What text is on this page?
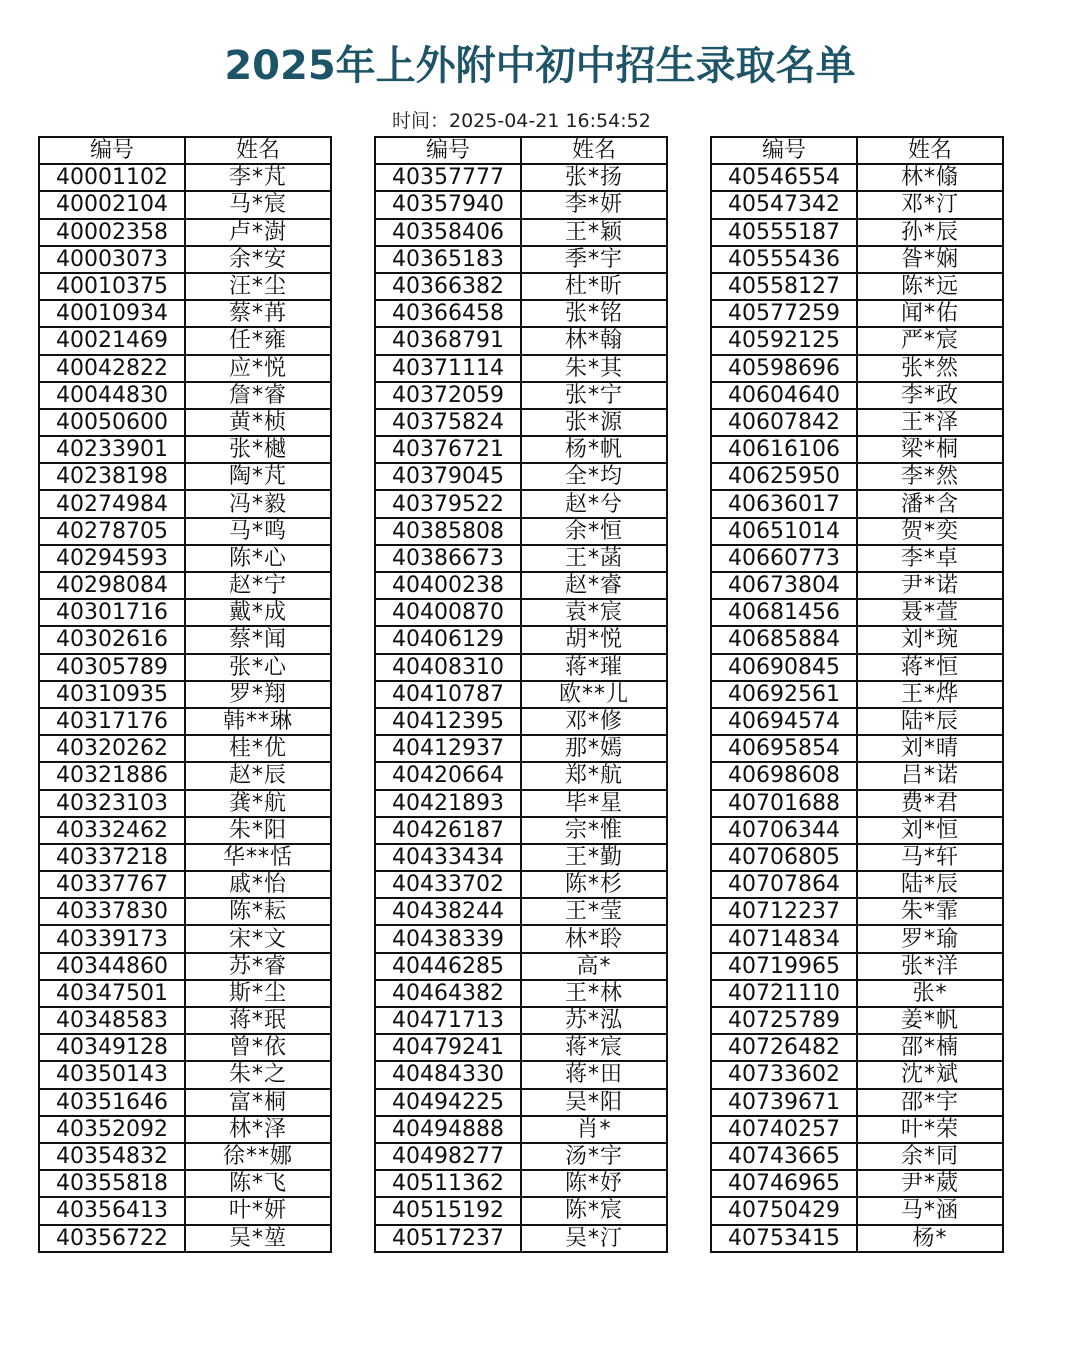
2025年上外附中初中招生录取名单
时间：2025-04-21 16:54:52
编号	姓名
40001102	李*芃
40002104	马*宸
40002358	卢*澍
40003073	余*安
40010375	汪*尘
40010934	蔡*苒
40021469	任*雍
40042822	应*悦
40044830	詹*睿
40050600	黄*桢
40233901	张*樾
40238198	陶*芃
40274984	冯*毅
40278705	马*鸣
40294593	陈*心
40298084	赵*宁
40301716	戴*成
40302616	蔡*闻
40305789	张*心
40310935	罗*翔
40317176	韩**琳
40320262	桂*优
40321886	赵*辰
40323103	龚*航
40332462	朱*阳
40337218	华**恬
40337767	戚*怡
40337830	陈*耘
40339173	宋*文
40344860	苏*睿
40347501	斯*尘
40348583	蒋*珉
40349128	曾*依
40350143	朱*之
40351646	富*桐
40352092	林*泽
40354832	徐**娜
40355818	陈*飞
40356413	叶*妍
40356722	吴*堃
编号	姓名
40357777	张*扬
40357940	李*妍
40358406	王*颖
40365183	季*宇
40366382	杜*昕
40366458	张*铭
40368791	林*翰
40371114	朱*其
40372059	张*宁
40375824	张*源
40376721	杨*帆
40379045	全*均
40379522	赵*兮
40385808	余*恒
40386673	王*菡
40400238	赵*睿
40400870	袁*宸
40406129	胡*悦
40408310	蒋*璀
40410787	欧**儿
40412395	邓*修
40412937	那*嫣
40420664	郑*航
40421893	毕*星
40426187	宗*惟
40433434	王*勤
40433702	陈*杉
40438244	王*莹
40438339	林*聆
40446285	高*
40464382	王*林
40471713	苏*泓
40479241	蒋*宸
40484330	蒋*田
40494225	吴*阳
40494888	肖*
40498277	汤*宇
40511362	陈*妤
40515192	陈*宸
40517237	吴*汀
编号	姓名
40546554	林*翛
40547342	邓*汀
40555187	孙*辰
40555436	昝*娴
40558127	陈*远
40577259	闻*佑
40592125	严*宸
40598696	张*然
40604640	李*政
40607842	王*泽
40616106	梁*桐
40625950	李*然
40636017	潘*含
40651014	贺*奕
40660773	李*卓
40673804	尹*诺
40681456	聂*萱
40685884	刘*琬
40690845	蒋*恒
40692561	王*烨
40694574	陆*辰
40695854	刘*晴
40698608	吕*诺
40701688	费*君
40706344	刘*恒
40706805	马*轩
40707864	陆*辰
40712237	朱*霏
40714834	罗*瑜
40719965	张*洋
40721110	张*
40725789	姜*帆
40726482	邵*楠
40733602	沈*斌
40739671	邵*宇
40740257	叶*荣
40743665	余*同
40746965	尹*葳
40750429	马*涵
40753415	杨*
